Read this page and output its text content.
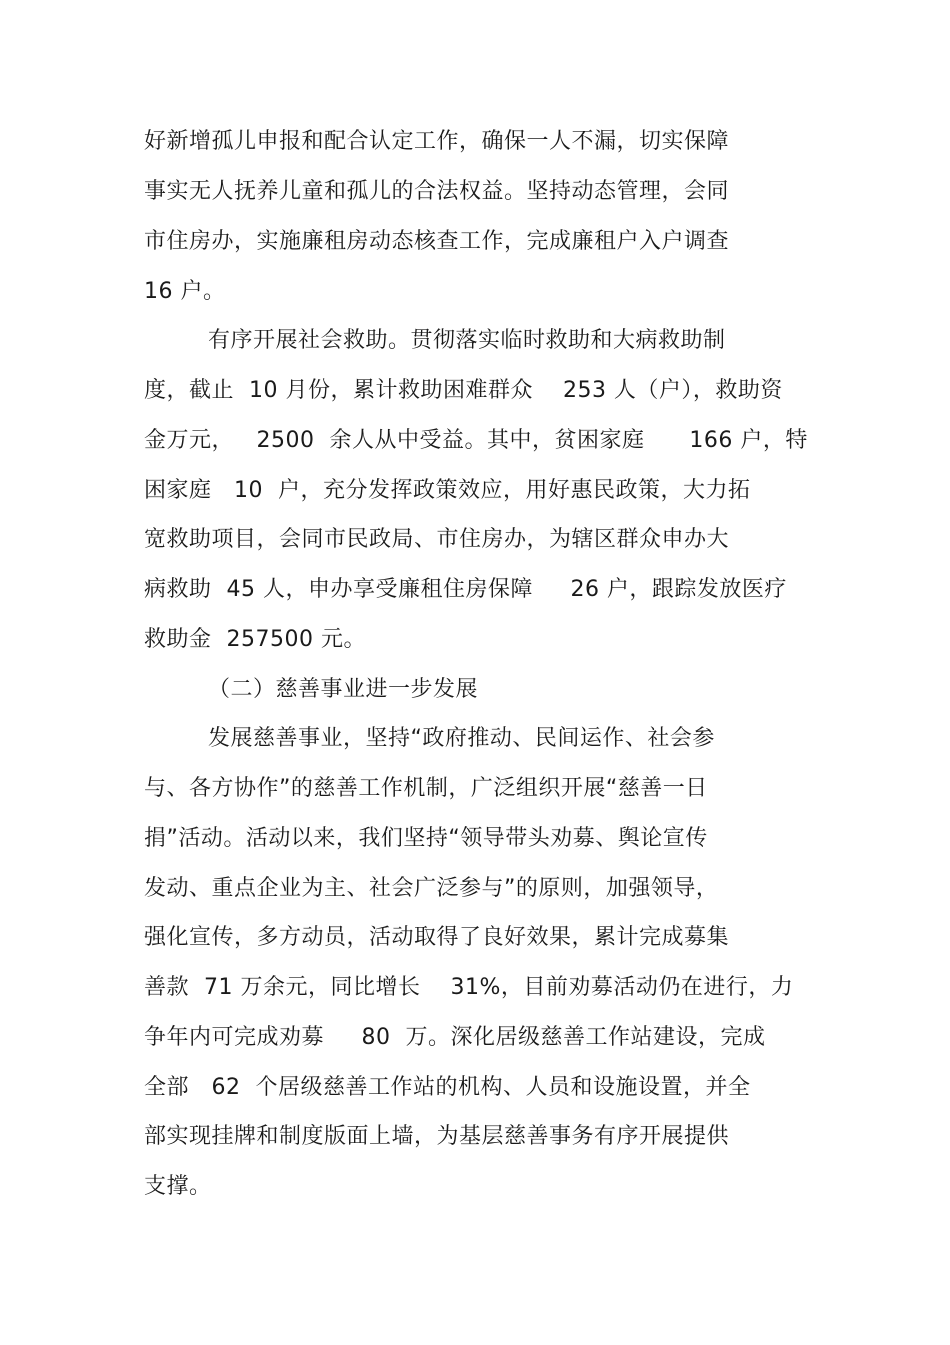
好新增孤儿申报和配合认定工作，确保一人不漏，切实保障
事实无人抚养儿童和孤儿的合法权益。坚持动态管理，会同
市住房办，实施廉租房动态核查工作，完成廉租户入户调查
16 户。
有序开展社会救助。贯彻落实临时救助和大病救助制
度，截止  10 月份，累计救助困难群众    253 人（户），救助资
金万元，   2500  余人从中受益。其中，贫困家庭      166 户，特
困家庭   10  户，充分发挥政策效应，用好惠民政策，大力拓
宽救助项目，会同市民政局、市住房办，为辖区群众申办大
病救助  45 人，申办享受廉租住房保障     26 户，跟踪发放医疗
救助金  257500 元。
（二）慈善事业进一步发展
发展慈善事业，坚持“政府推动、民间运作、社会参
与、各方协作”的慈善工作机制，广泛组织开展“慈善一日
捐”活动。活动以来，我们坚持“领导带头劝募、舆论宣传
发动、重点企业为主、社会广泛参与”的原则，加强领导，
强化宣传，多方动员，活动取得了良好效果，累计完成募集
善款  71 万余元，同比增长    31%，目前劝募活动仍在进行，力
争年内可完成劝募     80  万。深化居级慈善工作站建设，完成
全部   62  个居级慈善工作站的机构、人员和设施设置，并全
部实现挂牌和制度版面上墙，为基层慈善事务有序开展提供
支撑。
